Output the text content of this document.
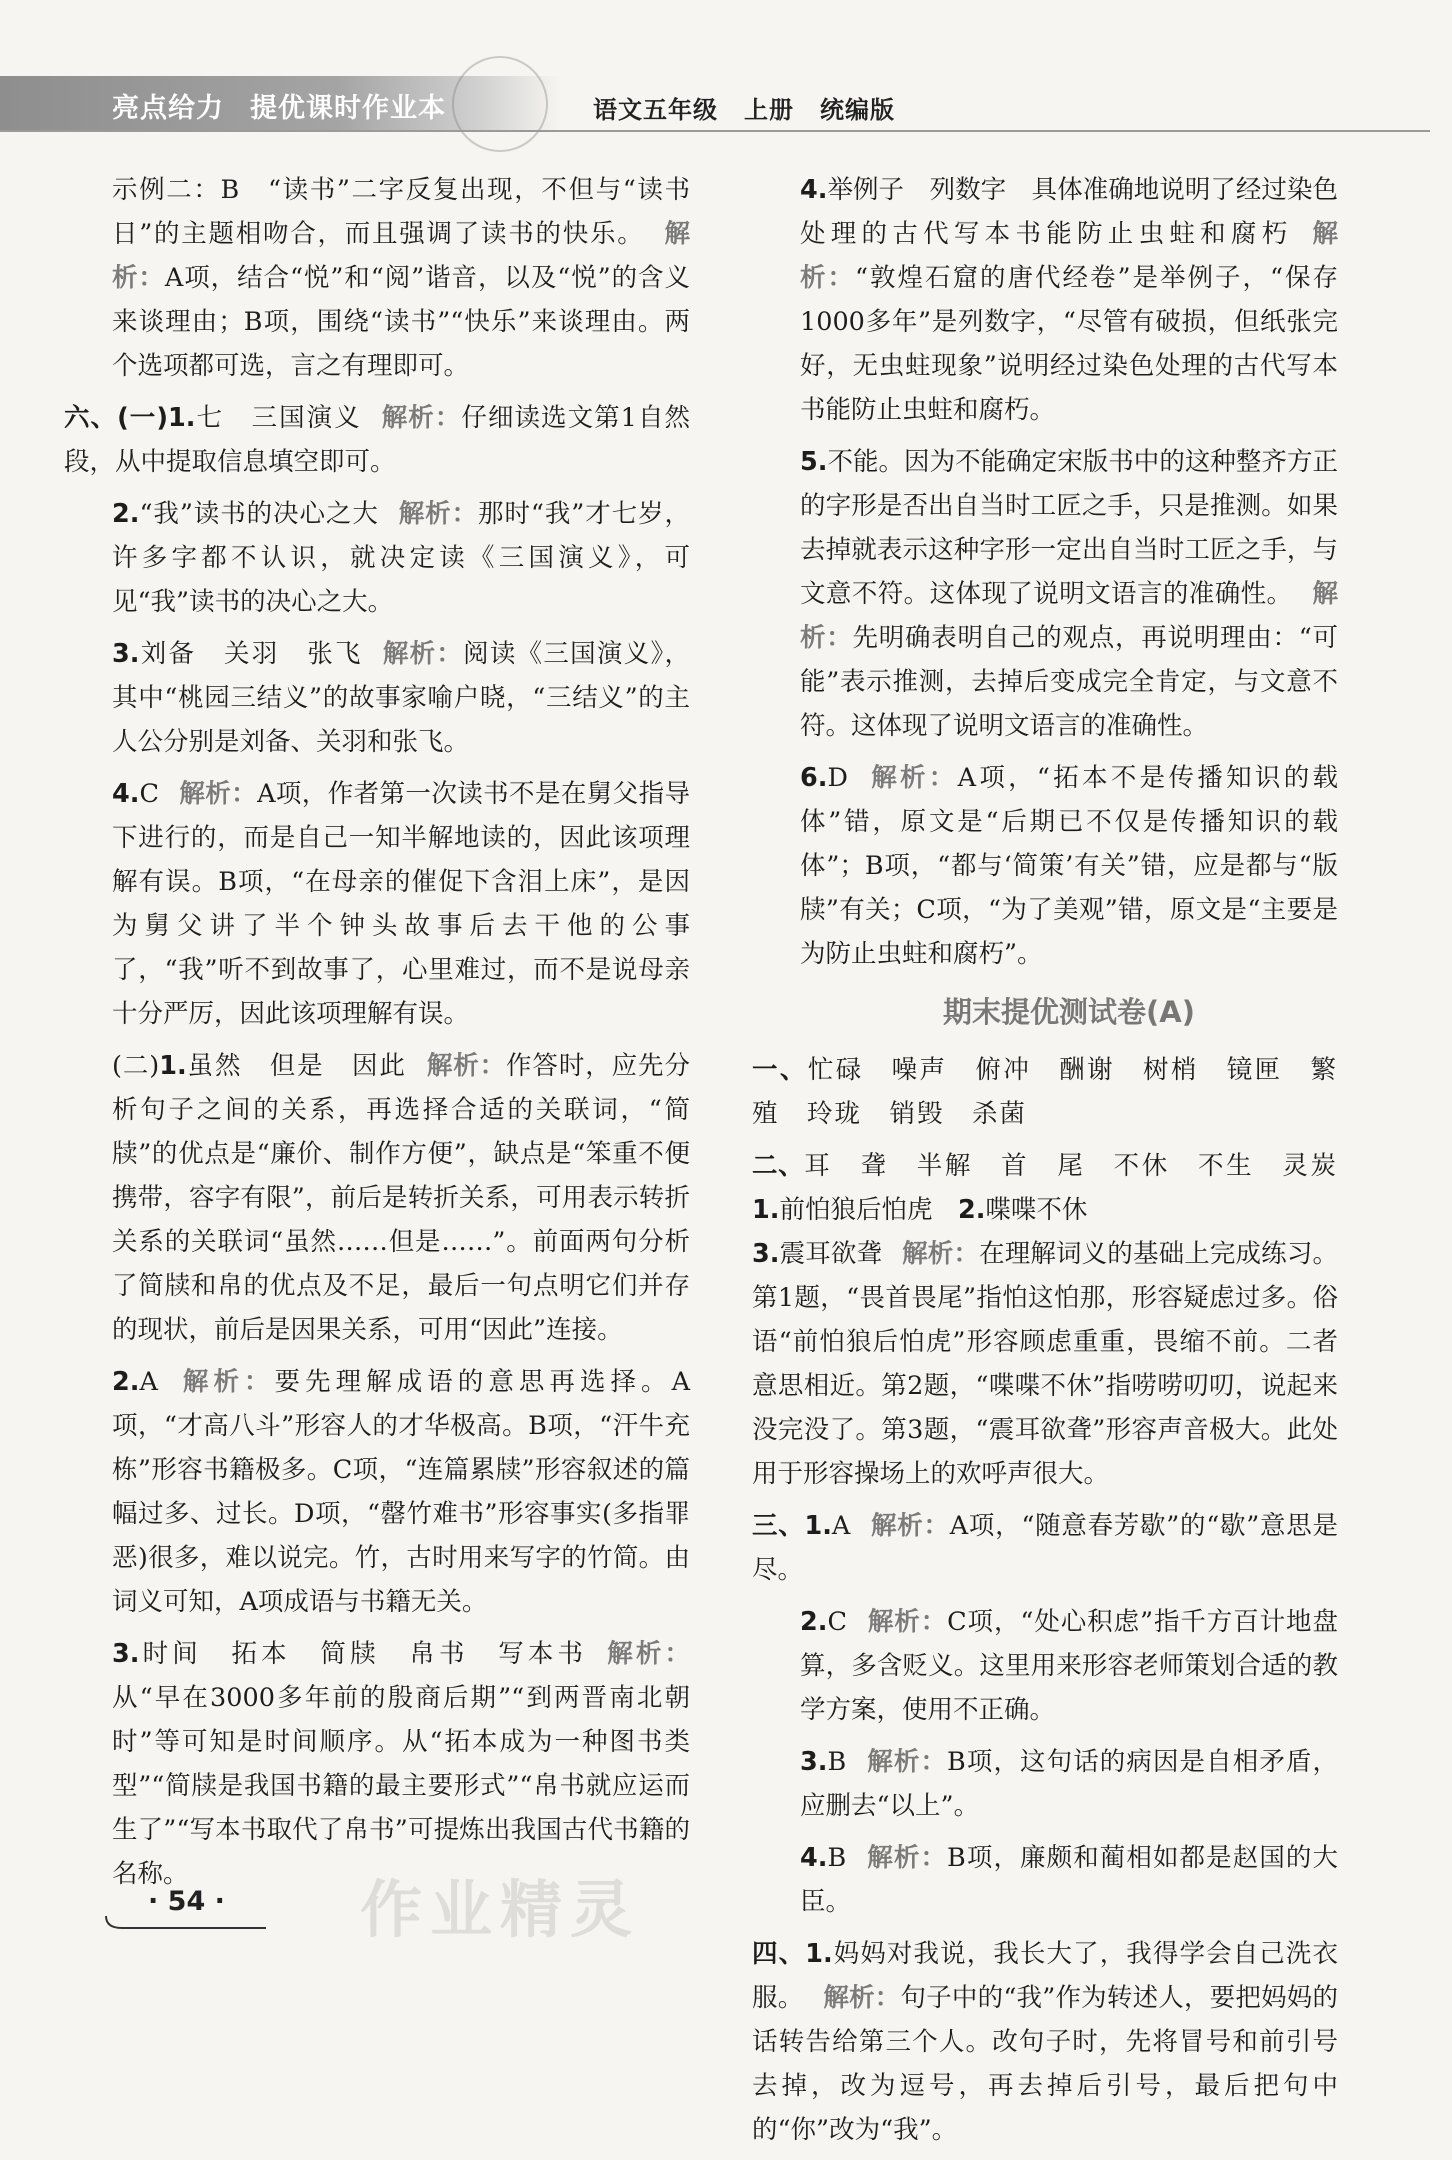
亮点给力 提优课时作业本	语文五年级 上册 统编版

示例二：B　“读书”二字反复出现，不但与“读书日”的主题相吻合，而且强调了读书的快乐。 解析：A项，结合“悦”和“阅”谐音，以及“悦”的含义来谈理由；B项，围绕“读书”“快乐”来谈理由。两个选项都可选，言之有理即可。

六、(一)1.七　三国演义 解析：仔细读选文第1自然段，从中提取信息填空即可。

2.“我”读书的决心之大 解析：那时“我”才七岁，许多字都不认识，就决定读《三国演义》，可见“我”读书的决心之大。

3.刘备　关羽　张飞 解析：阅读《三国演义》，其中“桃园三结义”的故事家喻户晓，“三结义”的主人公分别是刘备、关羽和张飞。

4.C 解析：A项，作者第一次读书不是在舅父指导下进行的，而是自己一知半解地读的，因此该项理解有误。B项，“在母亲的催促下含泪上床”，是因为舅父讲了半个钟头故事后去干他的公事了，“我”听不到故事了，心里难过，而不是说母亲十分严厉，因此该项理解有误。

(二)1.虽然　但是　因此 解析：作答时，应先分析句子之间的关系，再选择合适的关联词，“简牍”的优点是“廉价、制作方便”，缺点是“笨重不便携带，容字有限”，前后是转折关系，可用表示转折关系的关联词“虽然……但是……”。前面两句分析了简牍和帛的优点及不足，最后一句点明它们并存的现状，前后是因果关系，可用“因此”连接。

2.A 解析：要先理解成语的意思再选择。A项，“才高八斗”形容人的才华极高。B项，“汗牛充栋”形容书籍极多。C项，“连篇累牍”形容叙述的篇幅过多、过长。D项，“罄竹难书”形容事实(多指罪恶)很多，难以说完。竹，古时用来写字的竹简。由词义可知，A项成语与书籍无关。

3.时间　拓本　简牍　帛书　写本书 解析：从“早在3000多年前的殷商后期”“到两晋南北朝时”等可知是时间顺序。从“拓本成为一种图书类型”“简牍是我国书籍的最主要形式”“帛书就应运而生了”“写本书取代了帛书”可提炼出我国古代书籍的名称。

4.举例子　列数字　具体准确地说明了经过染色处理的古代写本书能防止虫蛀和腐朽 解析：“敦煌石窟的唐代经卷”是举例子，“保存1000多年”是列数字，“尽管有破损，但纸张完好，无虫蛀现象”说明经过染色处理的古代写本书能防止虫蛀和腐朽。

5.不能。因为不能确定宋版书中的这种整齐方正的字形是否出自当时工匠之手，只是推测。如果去掉就表示这种字形一定出自当时工匠之手，与文意不符。这体现了说明文语言的准确性。 解析：先明确表明自己的观点，再说明理由：“可能”表示推测，去掉后变成完全肯定，与文意不符。这体现了说明文语言的准确性。

6.D 解析：A项，“拓本不是传播知识的载体”错，原文是“后期已不仅是传播知识的载体”；B项，“都与‘简策’有关”错，应是都与“版牍”有关；C项，“为了美观”错，原文是“主要是为防止虫蛀和腐朽”。

期末提优测试卷(A)

一、忙碌　噪声　俯冲　酬谢　树梢　镜匣　繁殖　玲珑　销毁　杀菌

二、耳　聋　半解　首　尾　不休　不生　灵炭　1.前怕狼后怕虎　 2.喋喋不休
3.震耳欲聋 解析：在理解词义的基础上完成练习。第1题，“畏首畏尾”指怕这怕那，形容疑虑过多。俗语“前怕狼后怕虎”形容顾虑重重，畏缩不前。二者意思相近。第2题，“喋喋不休”指唠唠叨叨，说起来没完没了。第3题，“震耳欲聋”形容声音极大。此处用于形容操场上的欢呼声很大。

三、1.A 解析：A项，“随意春芳歇”的“歇”意思是尽。

2.C 解析：C项，“处心积虑”指千方百计地盘算，多含贬义。这里用来形容老师策划合适的教学方案，使用不正确。

3.B 解析：B项，这句话的病因是自相矛盾，应删去“以上”。

4.B 解析：B项，廉颇和蔺相如都是赵国的大臣。

四、1.妈妈对我说，我长大了，我得学会自己洗衣服。 解析：句子中的“我”作为转述人，要把妈妈的话转告给第三个人。改句子时，先将冒号和前引号去掉，改为逗号，再去掉后引号，最后把句中的“你”改为“我”。

· 54 · 作业精灵
